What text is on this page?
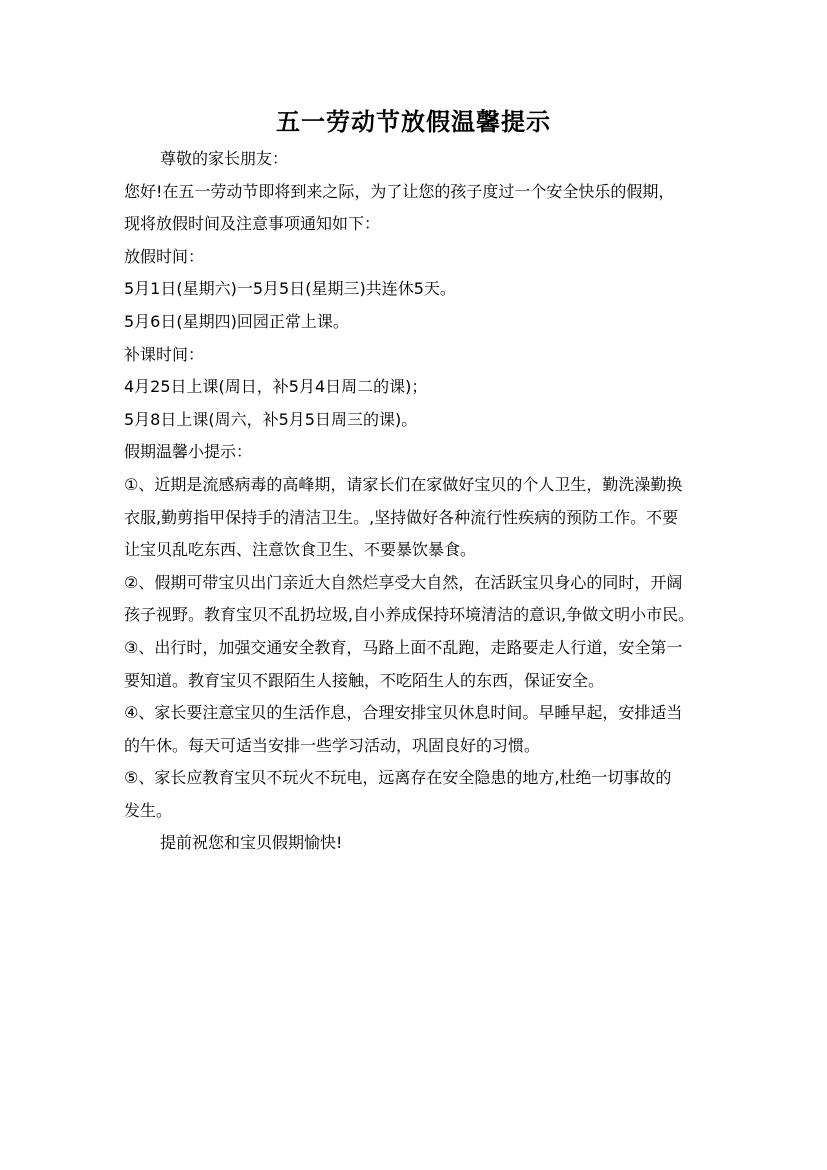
五一劳动节放假温馨提示
尊敬的家长朋友：
您好!在五一劳动节即将到来之际，为了让您的孩子度过一个安全快乐的假期，
现将放假时间及注意事项通知如下：
放假时间：
5月1日(星期六)一5月5日(星期三)共连休5天。
5月6日(星期四)回园正常上课。
补课时间：
4月25日上课(周日，补5月4日周二的课)；
5月8日上课(周六，补5月5日周三的课)。
假期温馨小提示：
①、近期是流感病毒的高峰期，请家长们在家做好宝贝的个人卫生，勤洗澡勤换
衣服,勤剪指甲保持手的清洁卫生。,坚持做好各种流行性疾病的预防工作。不要
让宝贝乱吃东西、注意饮食卫生、不要暴饮暴食。
②、假期可带宝贝出门亲近大自然烂享受大自然，在活跃宝贝身心的同时，开阔
孩子视野。教育宝贝不乱扔垃圾,自小养成保持环境清洁的意识,争做文明小市民。
③、出行时，加强交通安全教育，马路上面不乱跑，走路要走人行道，安全第一
要知道。教育宝贝不跟陌生人接触，不吃陌生人的东西，保证安全。
④、家长要注意宝贝的生活作息，合理安排宝贝休息时间。早睡早起，安排适当
的午休。每天可适当安排一些学习活动，巩固良好的习惯。
⑤、家长应教育宝贝不玩火不玩电，远离存在安全隐患的地方,杜绝一切事故的
发生。
提前祝您和宝贝假期愉快!
